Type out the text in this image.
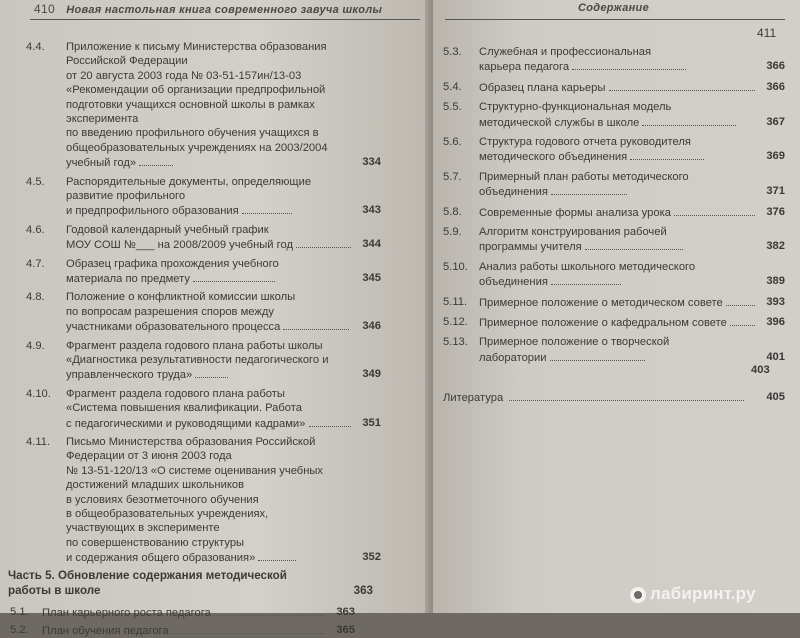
410 Новая настольная книга современного завуча школы
4.4. Приложение к письму Министерства образования
Российской Федерации
от 20 августа 2003 года № 03-51-157ин/13-03
«Рекомендации об организации предпрофильной
подготовки учащихся основной школы в рамках
эксперимента
по введению профильного обучения учащихся в
общеобразовательных учреждениях на 2003/2004
учебный год»	334
4.5. Распорядительные документы, определяющие
развитие профильного
и предпрофильного образования	343
4.6. Годовой календарный учебный график
МОУ СОШ №___ на 2008/2009 учебный год	344
4.7. Образец графика прохождения учебного
материала по предмету	345
4.8. Положение о конфликтной комиссии школы
по вопросам разрешения споров между
участниками образовательного процесса	346
4.9. Фрагмент раздела годового плана работы школы
«Диагностика результативности педагогического и
управленческого труда»	349
4.10. Фрагмент раздела годового плана работы
«Система повышения квалификации. Работа
с педагогическими и руководящими кадрами»	351
4.11. Письмо Министерства образования Российской
Федерации от 3 июня 2003 года
№ 13-51-120/13 «О системе оценивания учебных
достижений младших школьников
в условиях безотметочного обучения
в общеобразовательных учреждениях,
участвующих в эксперименте
по совершенствованию структуры
и содержания общего образования»	352
Часть 5. Обновление содержания методической
работы в школе	363
5.1. План карьерного роста педагога	363
5.2. План обучения педагога	365
Содержание
411
5.3. Служебная и профессиональная
карьера педагога	366
5.4. Образец плана карьеры	366
5.5. Структурно-функциональная модель
методической службы в школе	367
5.6. Структура годового отчета руководителя
методического объединения	369
5.7. Примерный план работы методического
объединения	371
5.8. Современные формы анализа урока	376
5.9. Алгоритм конструирования рабочей
программы учителя	382
5.10. Анализ работы школьного методического
объединения	389
5.11. Примерное положение о методическом совете	393
5.12. Примерное положение о кафедральном совете	396
5.13. Примерное положение о творческой
лаборатории	401
403
Литература	405
лабиринт.ру
